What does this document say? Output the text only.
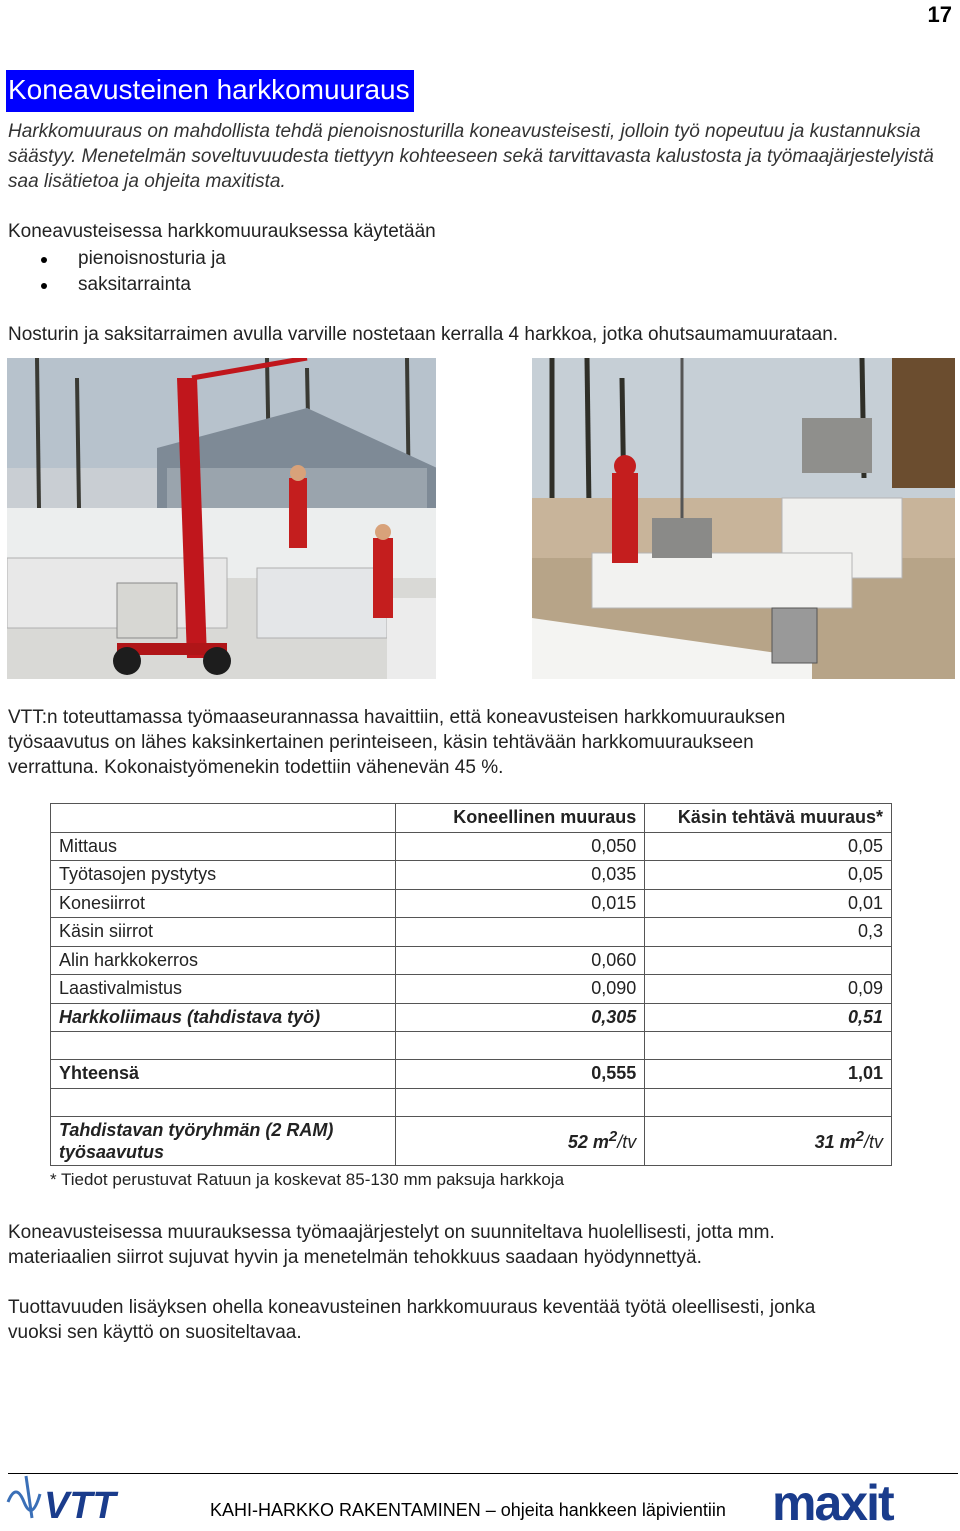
17
Koneavusteinen harkkomuuraus
Harkkomuuraus on mahdollista tehdä pienoisnosturilla koneavusteisesti, jolloin työ nopeutuu ja kustannuksia säästyy. Menetelmän soveltuvuudesta tiettyyn kohteeseen sekä tarvittavasta kalustosta ja työmaajärjestelyistä saa lisätietoa ja ohjeita maxitista.
Koneavusteisessa harkkomuurauksessa käytetään
pienoisnosturia ja
saksitarrainta
Nosturin ja saksitarraimen avulla varville nostetaan kerralla 4 harkkoa, jotka ohutsaumamuurataan.
VTT:n toteuttamassa työmaaseurannassa havaittiin, että koneavusteisen harkkomuurauksen
työsaavutus on lähes kaksinkertainen perinteiseen, käsin tehtävään harkkomuuraukseen
verrattuna. Kokonaistyömenekin todettiin vähenevän 45 %.
	Koneellinen muuraus	Käsin tehtävä muuraus*
Mittaus	0,050	0,05
Työtasojen pystytys	0,035	0,05
Konesiirrot	0,015	0,01
Käsin siirrot		0,3
Alin harkkokerros	0,060	
Laastivalmistus	0,090	0,09
Harkkoliimaus (tahdistava työ)	0,305	0,51

Yhteensä	0,555	1,01

Tahdistavan työryhmän (2 RAM)
työsaavutus	52 $m^2/tv$	31 $m^2/tv$
* Tiedot perustuvat Ratuun ja koskevat 85-130 mm paksuja harkkoja
Koneavusteisessa muurauksessa työmaajärjestelyt on suunniteltava huolellisesti, jotta mm.
materiaalien siirrot sujuvat hyvin ja menetelmän tehokkuus saadaan hyödynnettyä.
Tuottavuuden lisäyksen ohella koneavusteinen harkkomuuraus keventää työtä oleellisesti, jonka
vuoksi sen käyttö on suositeltavaa.
VTT	KAHI-HARKKO RAKENTAMINEN – ohjeita hankkeen läpivientiin maxit
